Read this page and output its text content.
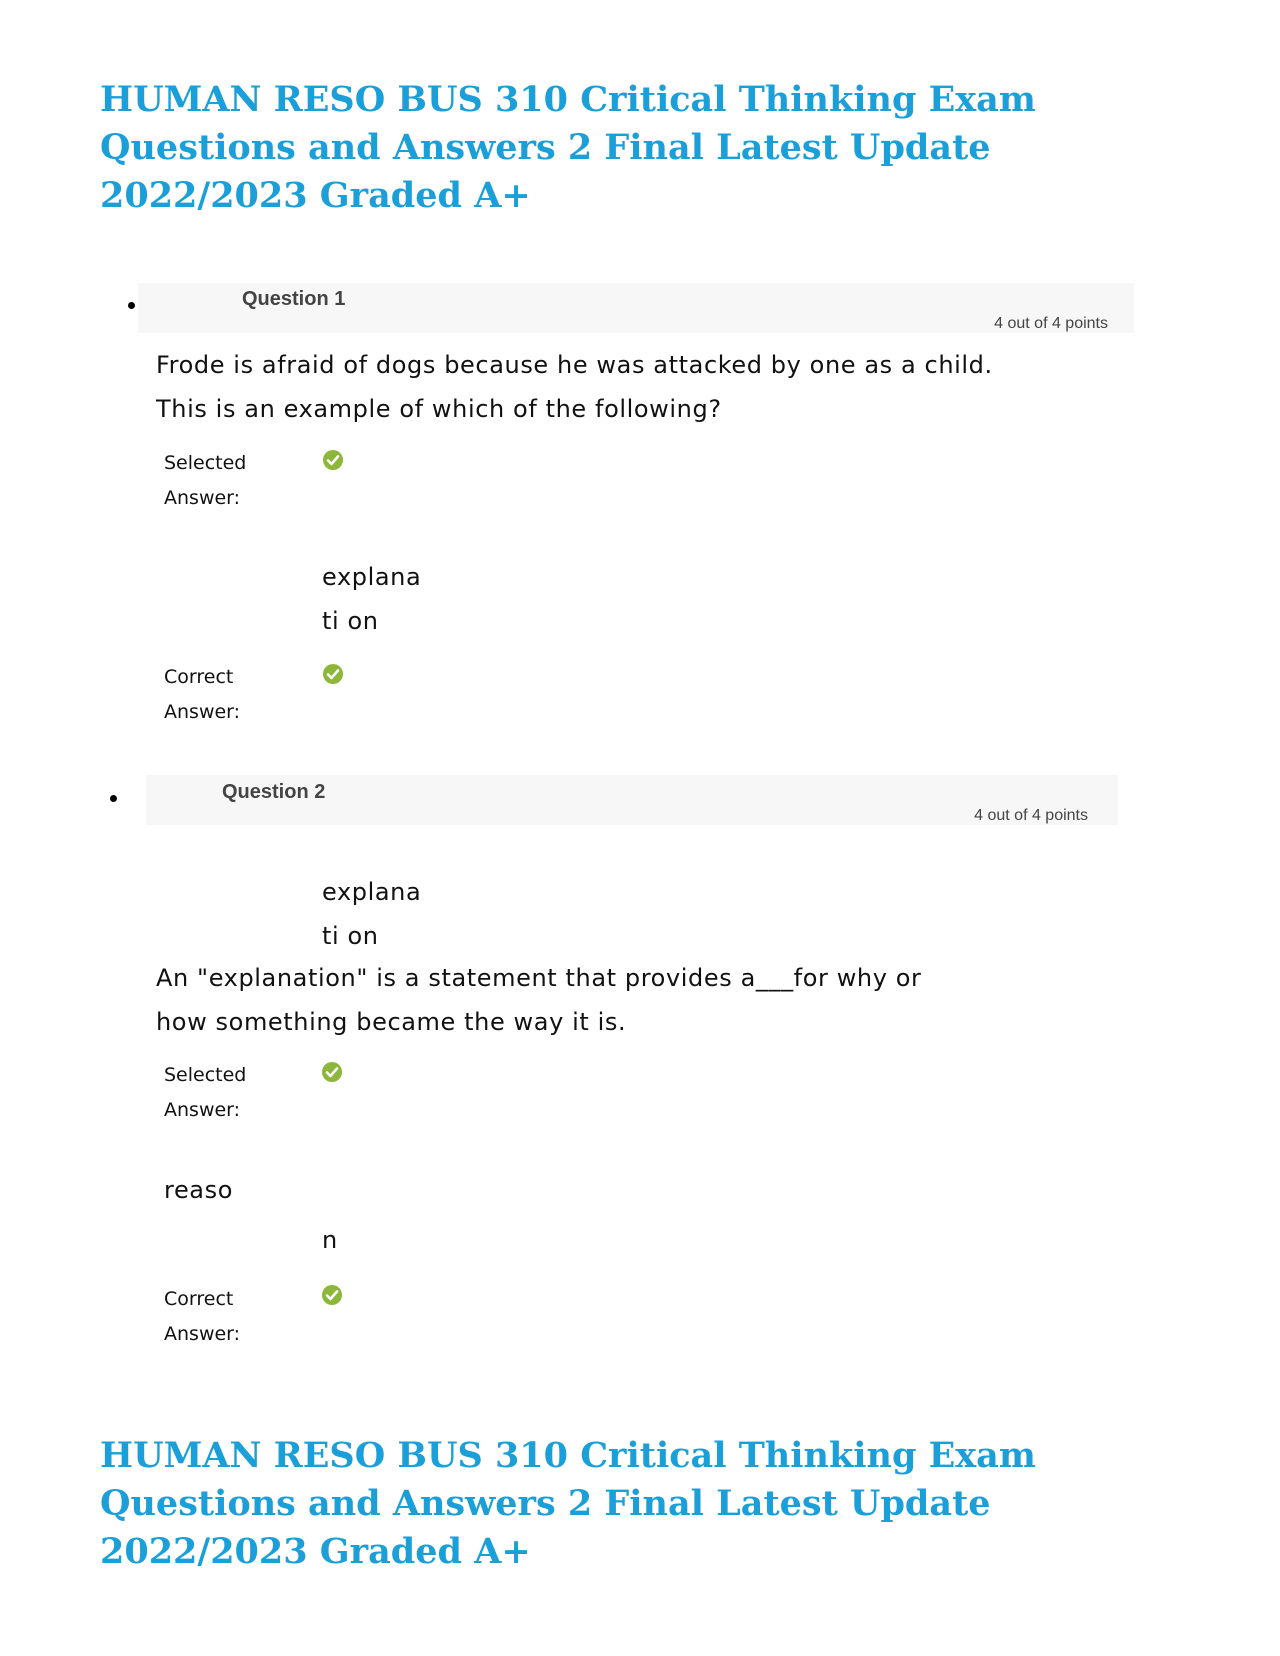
HUMAN RESO BUS 310 Critical Thinking Exam
Questions and Answers 2 Final Latest Update
2022/2023 Graded A+
Question 1
4 out of 4 points
Frode is afraid of dogs because he was attacked by one as a child.
This is an example of which of the following?
Selected
Answer:
explana
ti on
Correct
Answer:
Question 2
4 out of 4 points
explana
ti on
An "explanation" is a statement that provides a___for why or
how something became the way it is.
Selected
Answer:
reaso
n
Correct
Answer:
HUMAN RESO BUS 310 Critical Thinking Exam
Questions and Answers 2 Final Latest Update
2022/2023 Graded A+
